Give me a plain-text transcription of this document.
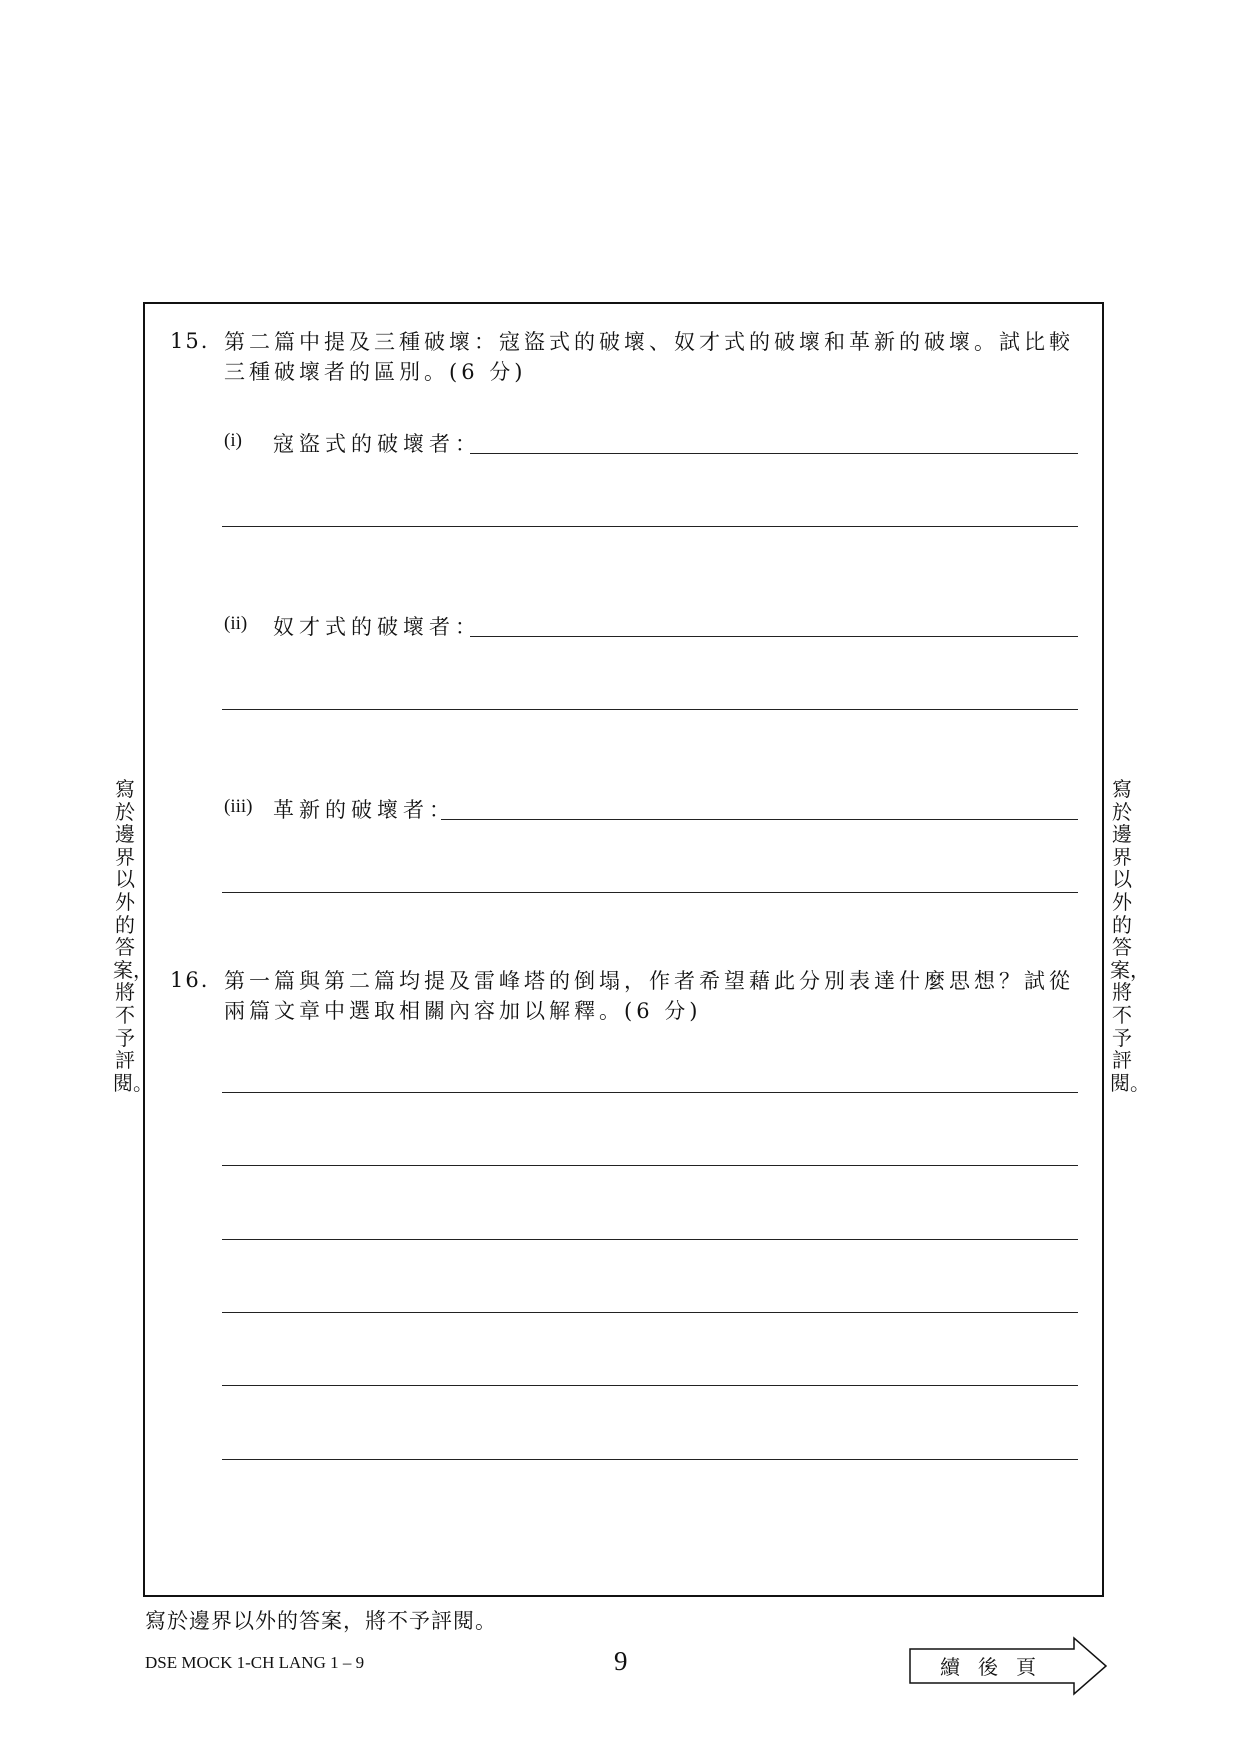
寫於邊界以外的答案，將不予評閱。
寫於邊界以外的答案，將不予評閱。
15. 第二篇中提及三種破壞：寇盜式的破壞、奴才式的破壞和革新的破壞。試比較
三種破壞者的區別。(6 分)
(i) 寇盜式的破壞者：
(ii) 奴才式的破壞者：
(iii) 革新的破壞者：
16. 第一篇與第二篇均提及雷峰塔的倒塌，作者希望藉此分別表達什麼思想？試從
兩篇文章中選取相關內容加以解釋。(6 分)
寫於邊界以外的答案，將不予評閱。
DSE MOCK 1-CH LANG 1 – 9	9	續後頁
